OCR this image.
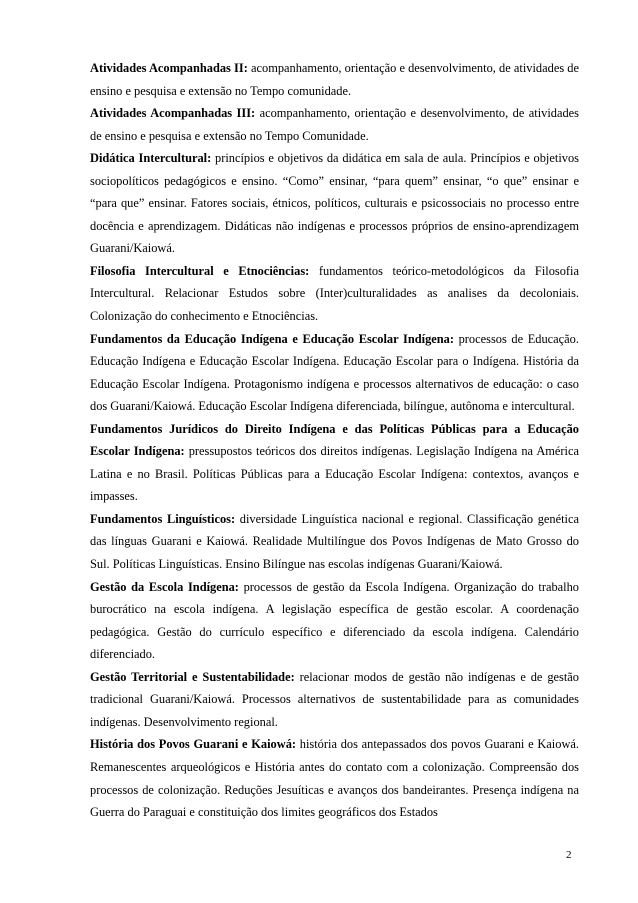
Atividades Acompanhadas II: acompanhamento, orientação e desenvolvimento, de atividades de ensino e pesquisa e extensão no Tempo comunidade.

Atividades Acompanhadas III: acompanhamento, orientação e desenvolvimento, de atividades de ensino e pesquisa e extensão no Tempo Comunidade.

Didática Intercultural: princípios e objetivos da didática em sala de aula. Princípios e objetivos sociopolíticos pedagógicos e ensino. “Como” ensinar, “para quem” ensinar, “o que” ensinar e “para que” ensinar. Fatores sociais, étnicos, políticos, culturais e psicossociais no processo entre docência e aprendizagem. Didáticas não indígenas e processos próprios de ensino-aprendizagem Guarani/Kaiowá.

Filosofia Intercultural e Etnociências: fundamentos teórico-metodológicos da Filosofia Intercultural. Relacionar Estudos sobre (Inter)culturalidades as analises da decoloniais. Colonização do conhecimento e Etnociências.

Fundamentos da Educação Indígena e Educação Escolar Indígena: processos de Educação. Educação Indígena e Educação Escolar Indígena. Educação Escolar para o Indígena. História da Educação Escolar Indígena. Protagonismo indígena e processos alternativos de educação: o caso dos Guarani/Kaiowá. Educação Escolar Indígena diferenciada, bilíngue, autônoma e intercultural.

Fundamentos Jurídicos do Direito Indígena e das Políticas Públicas para a Educação Escolar Indígena: pressupostos teóricos dos direitos indígenas. Legislação Indígena na América Latina e no Brasil. Políticas Públicas para a Educação Escolar Indígena: contextos, avanços e impasses.

Fundamentos Linguísticos: diversidade Linguística nacional e regional. Classificação genética das línguas Guarani e Kaiowá. Realidade Multilíngue dos Povos Indígenas de Mato Grosso do Sul. Políticas Linguísticas. Ensino Bilíngue nas escolas indígenas Guarani/Kaiowá.

Gestão da Escola Indígena: processos de gestão da Escola Indígena. Organização do trabalho burocrático na escola indígena. A legislação específica de gestão escolar. A coordenação pedagógica. Gestão do currículo específico e diferenciado da escola indígena. Calendário diferenciado.

Gestão Territorial e Sustentabilidade: relacionar modos de gestão não indígenas e de gestão tradicional Guarani/Kaiowá. Processos alternativos de sustentabilidade para as comunidades indígenas. Desenvolvimento regional.

História dos Povos Guarani e Kaiowá: história dos antepassados dos povos Guarani e Kaiowá. Remanescentes arqueológicos e História antes do contato com a colonização. Compreensão dos processos de colonização. Reduções Jesuíticas e avanços dos bandeirantes. Presença indígena na Guerra do Paraguai e constituição dos limites geográficos dos Estados

2
